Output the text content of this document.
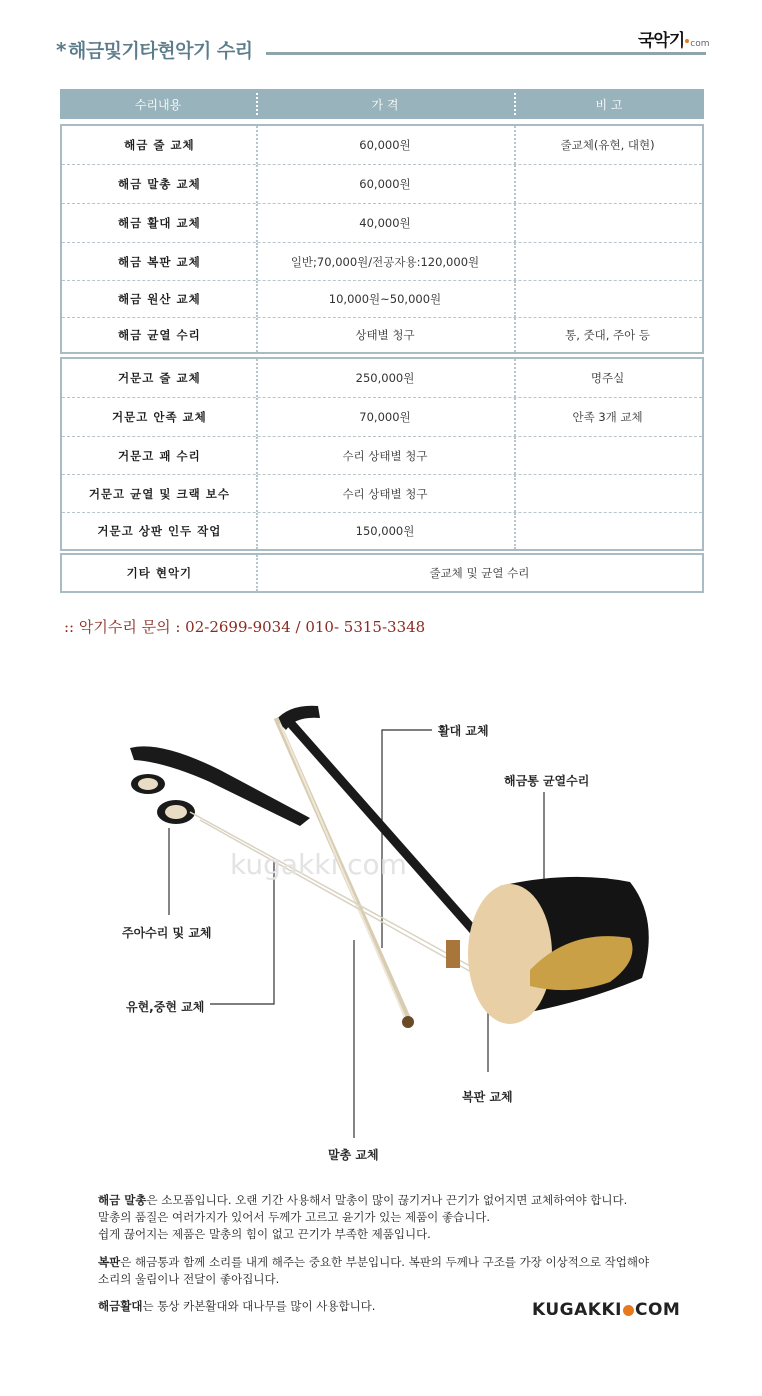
* 해금및기타현악기 수리	국악기 com
수리내용	가 격	비 고
해금 줄 교체	60,000원	줄교체(유현, 대현)
해금 말총 교체	60,000원
해금 활대 교체	40,000원
해금 복판 교체	일반;70,000원/전공자용:120,000원
해금 원산 교체	10,000원~50,000원
해금 균열 수리	상태별 청구	통, 줏대, 주아 등
거문고 줄 교체	250,000원	명주실
거문고 안족 교체	70,000원	안족 3개 교체
거문고 괘 수리	수리 상태별 청구
거문고 균열 및 크랙 보수	수리 상태별 청구
거문고 상판 인두 작업	150,000원
기타 현악기	줄교체 및 균열 수리
:: 악기수리 문의 : 02-2699-9034 / 010- 5315-3348
kugakki.com
활대 교체
해금통 균열수리
주아수리 및 교체
유현,중현 교체
복판 교체
말총 교체
해금 말총은 소모품입니다. 오랜 기간 사용해서 말총이 많이 끊기거나 끈기가 없어지면 교체하여야 합니다.
말총의 품질은 여러가지가 있어서 두께가 고르고 윤기가 있는 제품이 좋습니다.
쉽게 끊어지는 제품은 말총의 힘이 없고 끈기가 부족한 제품입니다.
복판은 해금통과 함께 소리를 내게 해주는 중요한 부분입니다. 복판의 두께나 구조를 가장 이상적으로 작업해야
소리의 울림이나 전달이 좋아집니다.
해금활대는 통상 카본활대와 대나무를 많이 사용합니다.	KUGAKKI COM
